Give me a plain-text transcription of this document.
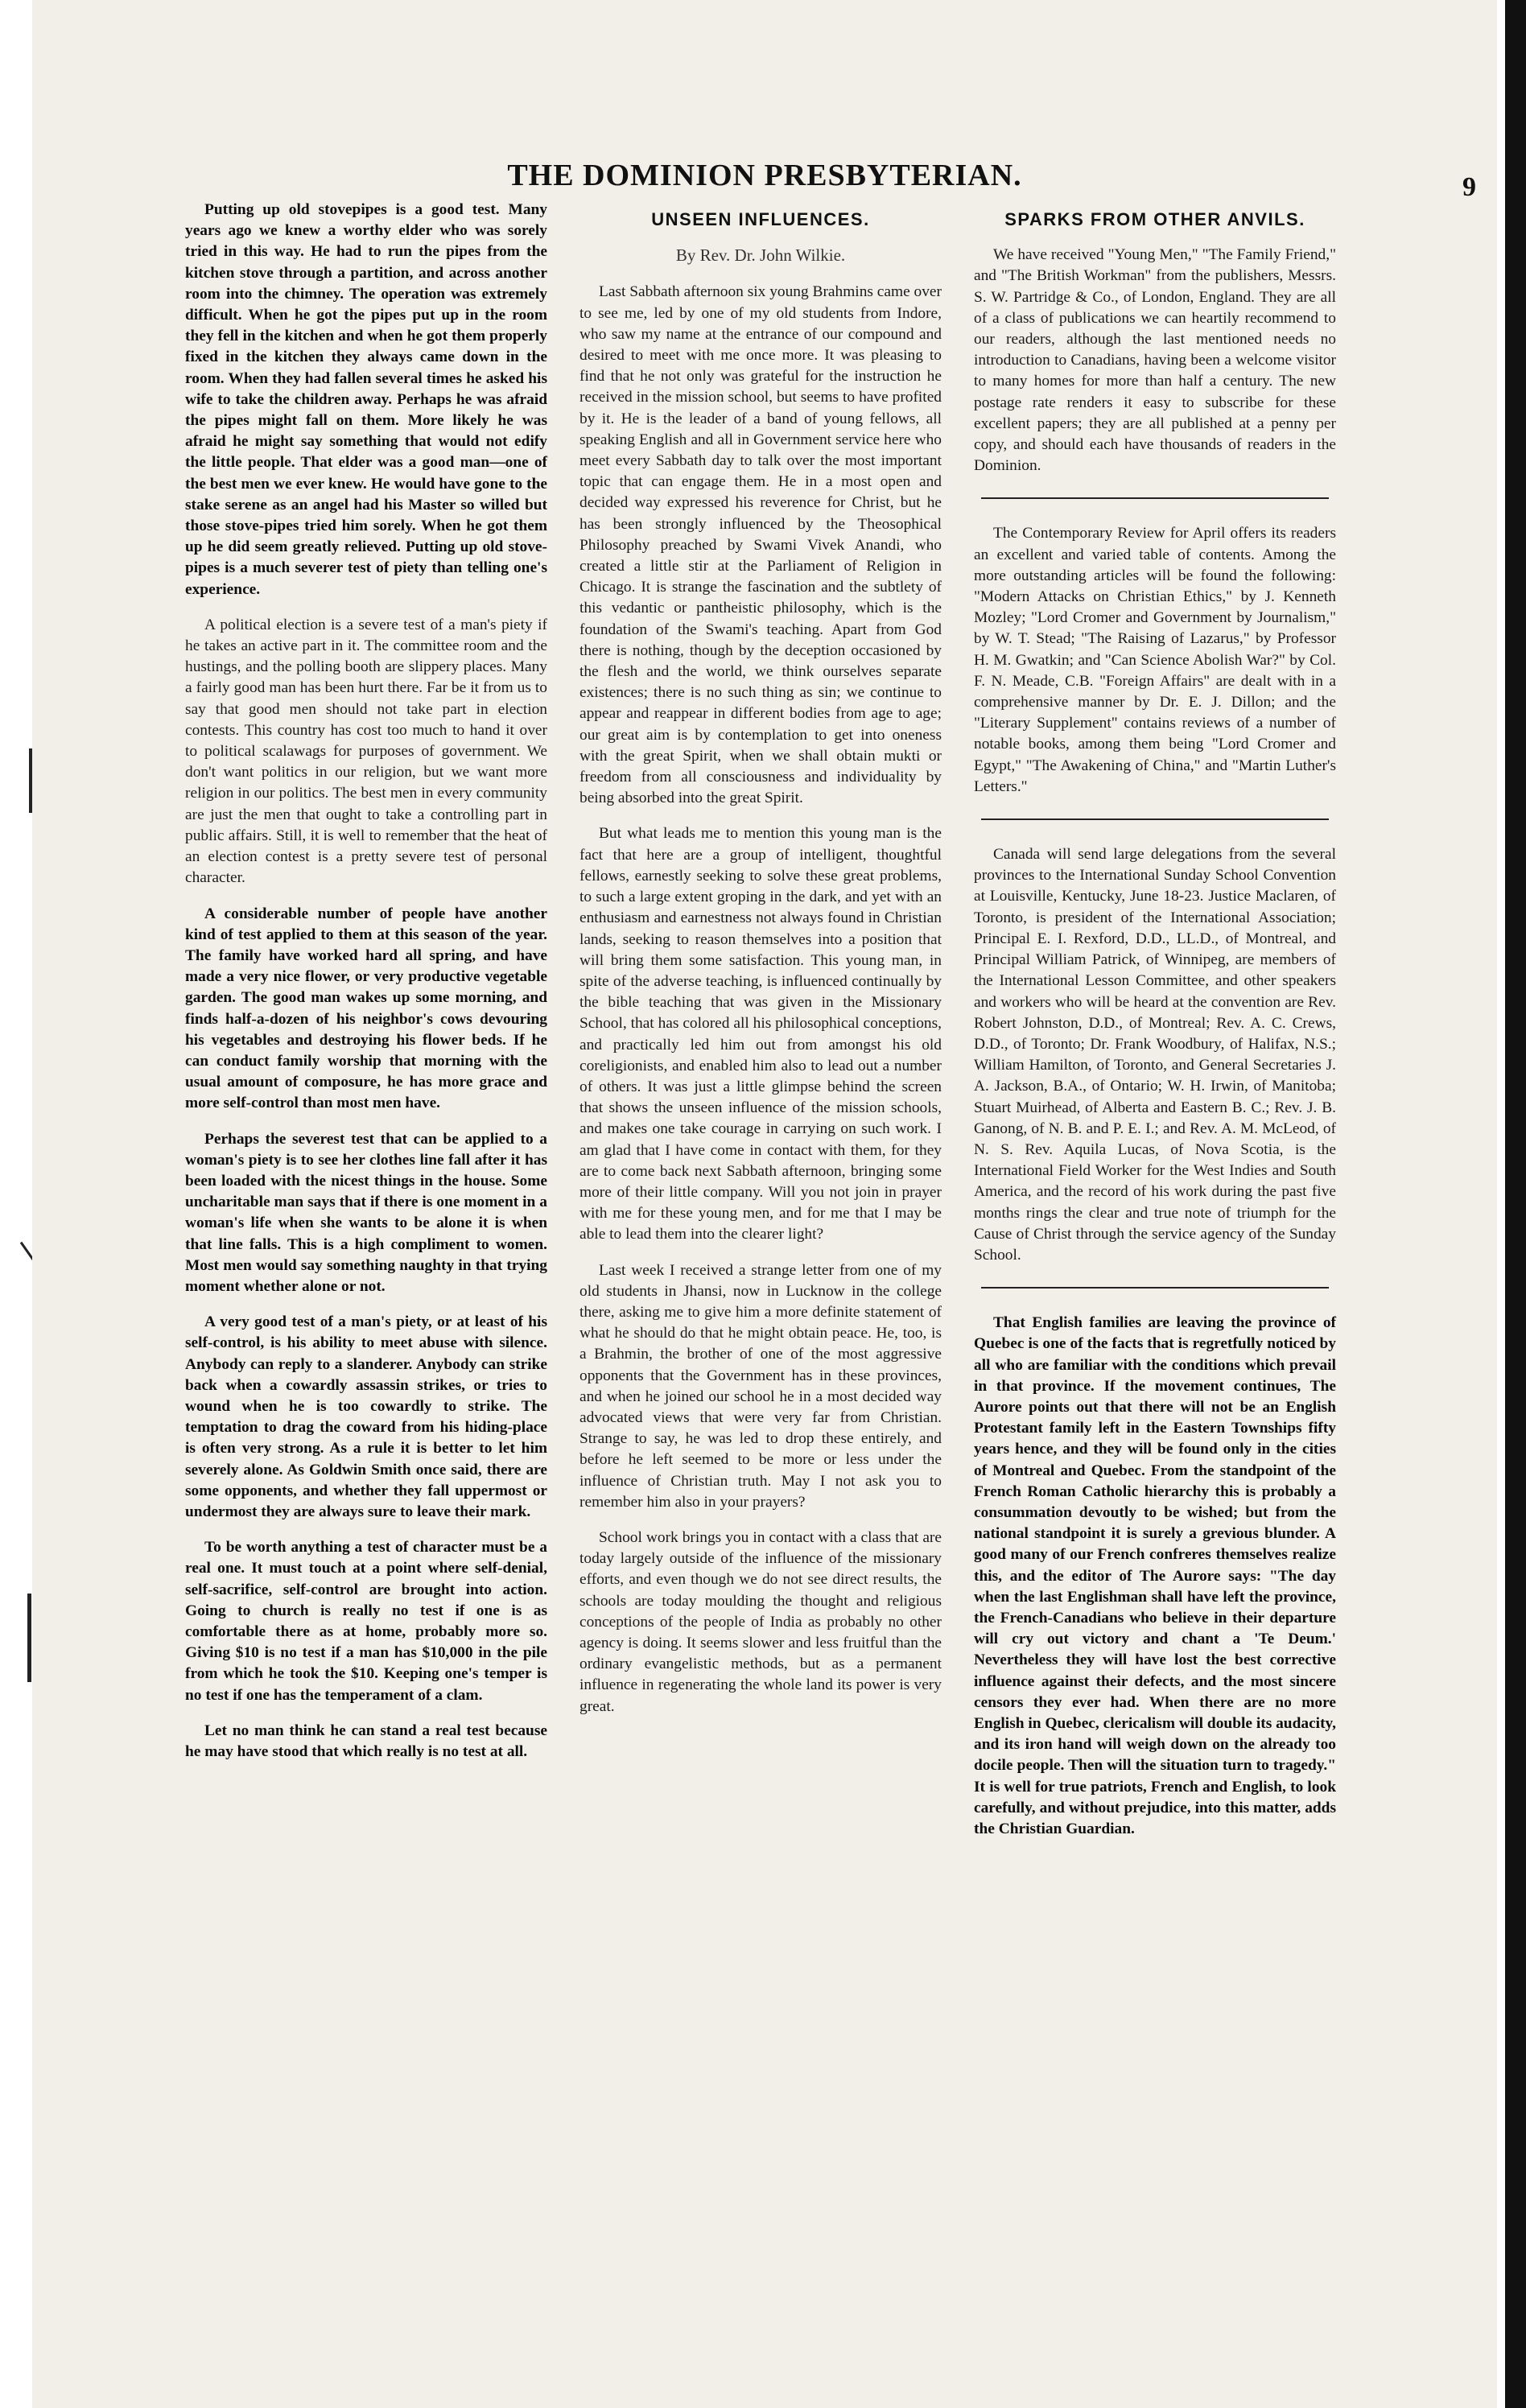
THE DOMINION PRESBYTERIAN.	9

Putting up old stovepipes is a good test. Many years ago we knew a worthy elder who was sorely tried in this way. He had to run the pipes from the kitchen stove through a partition, and across another room into the chimney. The operation was extremely difficult. When he got the pipes put up in the room they fell in the kitchen and when he got them properly fixed in the kitchen they always came down in the room. When they had fallen several times he asked his wife to take the children away. Perhaps he was afraid the pipes might fall on them. More likely he was afraid he might say something that would not edify the little people. That elder was a good man—one of the best men we ever knew. He would have gone to the stake serene as an angel had his Master so willed but those stove-pipes tried him sorely. When he got them up he did seem greatly relieved. Putting up old stove-pipes is a much severer test of piety than telling one's experience.

A political election is a severe test of a man's piety if he takes an active part in it. The committee room and the hustings, and the polling booth are slippery places. Many a fairly good man has been hurt there. Far be it from us to say that good men should not take part in election contests. This country has cost too much to hand it over to political scalawags for purposes of government. We don't want politics in our religion, but we want more religion in our politics. The best men in every community are just the men that ought to take a controlling part in public affairs. Still, it is well to remember that the heat of an election contest is a pretty severe test of personal character.

A considerable number of people have another kind of test applied to them at this season of the year. The family have worked hard all spring, and have made a very nice flower, or very productive vegetable garden. The good man wakes up some morning, and finds half-a-dozen of his neighbor's cows devouring his vegetables and destroying his flower beds. If he can conduct family worship that morning with the usual amount of composure, he has more grace and more self-control than most men have.

Perhaps the severest test that can be applied to a woman's piety is to see her clothes line fall after it has been loaded with the nicest things in the house. Some uncharitable man says that if there is one moment in a woman's life when she wants to be alone it is when that line falls. This is a high compliment to women. Most men would say something naughty in that trying moment whether alone or not.

A very good test of a man's piety, or at least of his self-control, is his ability to meet abuse with silence. Anybody can reply to a slanderer. Anybody can strike back when a cowardly assassin strikes, or tries to wound when he is too cowardly to strike. The temptation to drag the coward from his hiding-place is often very strong. As a rule it is better to let him severely alone. As Goldwin Smith once said, there are some opponents, and whether they fall uppermost or undermost they are always sure to leave their mark.

To be worth anything a test of character must be a real one. It must touch at a point where self-denial, self-sacrifice, self-control are brought into action. Going to church is really no test if one is as comfortable there as at home, probably more so. Giving $10 is no test if a man has $10,000 in the pile from which he took the $10. Keeping one's temper is no test if one has the temperament of a clam.

Let no man think he can stand a real test because he may have stood that which really is no test at all.

UNSEEN INFLUENCES.
By Rev. Dr. John Wilkie.

Last Sabbath afternoon six young Brahmins came over to see me, led by one of my old students from Indore, who saw my name at the entrance of our compound and desired to meet with me once more. It was pleasing to find that he not only was grateful for the instruction he received in the mission school, but seems to have profited by it. He is the leader of a band of young fellows, all speaking English and all in Government service here who meet every Sabbath day to talk over the most important topic that can engage them. He in a most open and decided way expressed his reverence for Christ, but he has been strongly influenced by the Theosophical Philosophy preached by Swami Vivek Anandi, who created a little stir at the Parliament of Religion in Chicago. It is strange the fascination and the subtlety of this vedantic or pantheistic philosophy, which is the foundation of the Swami's teaching. Apart from God there is nothing, though by the deception occasioned by the flesh and the world, we think ourselves separate existences; there is no such thing as sin; we continue to appear and reappear in different bodies from age to age; our great aim is by contemplation to get into oneness with the great Spirit, when we shall obtain mukti or freedom from all consciousness and individuality by being absorbed into the great Spirit.

But what leads me to mention this young man is the fact that here are a group of intelligent, thoughtful fellows, earnestly seeking to solve these great problems, to such a large extent groping in the dark, and yet with an enthusiasm and earnestness not always found in Christian lands, seeking to reason themselves into a position that will bring them some satisfaction. This young man, in spite of the adverse teaching, is influenced continually by the bible teaching that was given in the Missionary School, that has colored all his philosophical conceptions, and practically led him out from amongst his old coreligionists, and enabled him also to lead out a number of others. It was just a little glimpse behind the screen that shows the unseen influence of the mission schools, and makes one take courage in carrying on such work. I am glad that I have come in contact with them, for they are to come back next Sabbath afternoon, bringing some more of their little company. Will you not join in prayer with me for these young men, and for me that I may be able to lead them into the clearer light?

Last week I received a strange letter from one of my old students in Jhansi, now in Lucknow in the college there, asking me to give him a more definite statement of what he should do that he might obtain peace. He, too, is a Brahmin, the brother of one of the most aggressive opponents that the Government has in these provinces, and when he joined our school he in a most decided way advocated views that were very far from Christian. Strange to say, he was led to drop these entirely, and before he left seemed to be more or less under the influence of Christian truth. May I not ask you to remember him also in your prayers?

School work brings you in contact with a class that are today largely outside of the influence of the missionary efforts, and even though we do not see direct results, the schools are today moulding the thought and religious conceptions of the people of India as probably no other agency is doing. It seems slower and less fruitful than the ordinary evangelistic methods, but as a permanent influence in regenerating the whole land its power is very great.

SPARKS FROM OTHER ANVILS.

We have received "Young Men," "The Family Friend," and "The British Workman" from the publishers, Messrs. S. W. Partridge & Co., of London, England. They are all of a class of publications we can heartily recommend to our readers, although the last mentioned needs no introduction to Canadians, having been a welcome visitor to many homes for more than half a century. The new postage rate renders it easy to subscribe for these excellent papers; they are all published at a penny per copy, and should each have thousands of readers in the Dominion.

The Contemporary Review for April offers its readers an excellent and varied table of contents. Among the more outstanding articles will be found the following: "Modern Attacks on Christian Ethics," by J. Kenneth Mozley; "Lord Cromer and Government by Journalism," by W. T. Stead; "The Raising of Lazarus," by Professor H. M. Gwatkin; and "Can Science Abolish War?" by Col. F. N. Meade, C.B. "Foreign Affairs" are dealt with in a comprehensive manner by Dr. E. J. Dillon; and the "Literary Supplement" contains reviews of a number of notable books, among them being "Lord Cromer and Egypt," "The Awakening of China," and "Martin Luther's Letters."

Canada will send large delegations from the several provinces to the International Sunday School Convention at Louisville, Kentucky, June 18-23. Justice Maclaren, of Toronto, is president of the International Association; Principal E. I. Rexford, D.D., LL.D., of Montreal, and Principal William Patrick, of Winnipeg, are members of the International Lesson Committee, and other speakers and workers who will be heard at the convention are Rev. Robert Johnston, D.D., of Montreal; Rev. A. C. Crews, D.D., of Toronto; Dr. Frank Woodbury, of Halifax, N.S.; William Hamilton, of Toronto, and General Secretaries J. A. Jackson, B.A., of Ontario; W. H. Irwin, of Manitoba; Stuart Muirhead, of Alberta and Eastern B. C.; Rev. J. B. Ganong, of N. B. and P. E. I.; and Rev. A. M. McLeod, of N. S. Rev. Aquila Lucas, of Nova Scotia, is the International Field Worker for the West Indies and South America, and the record of his work during the past five months rings the clear and true note of triumph for the Cause of Christ through the service agency of the Sunday School.

That English families are leaving the province of Quebec is one of the facts that is regretfully noticed by all who are familiar with the conditions which prevail in that province. If the movement continues, The Aurore points out that there will not be an English Protestant family left in the Eastern Townships fifty years hence, and they will be found only in the cities of Montreal and Quebec. From the standpoint of the French Roman Catholic hierarchy this is probably a consummation devoutly to be wished; but from the national standpoint it is surely a grevious blunder. A good many of our French confreres themselves realize this, and the editor of The Aurore says: "The day when the last Englishman shall have left the province, the French-Canadians who believe in their departure will cry out victory and chant a 'Te Deum.' Nevertheless they will have lost the best corrective influence against their defects, and the most sincere censors they ever had. When there are no more English in Quebec, clericalism will double its audacity, and its iron hand will weigh down on the already too docile people. Then will the situation turn to tragedy." It is well for true patriots, French and English, to look carefully, and without prejudice, into this matter, adds the Christian Guardian.
